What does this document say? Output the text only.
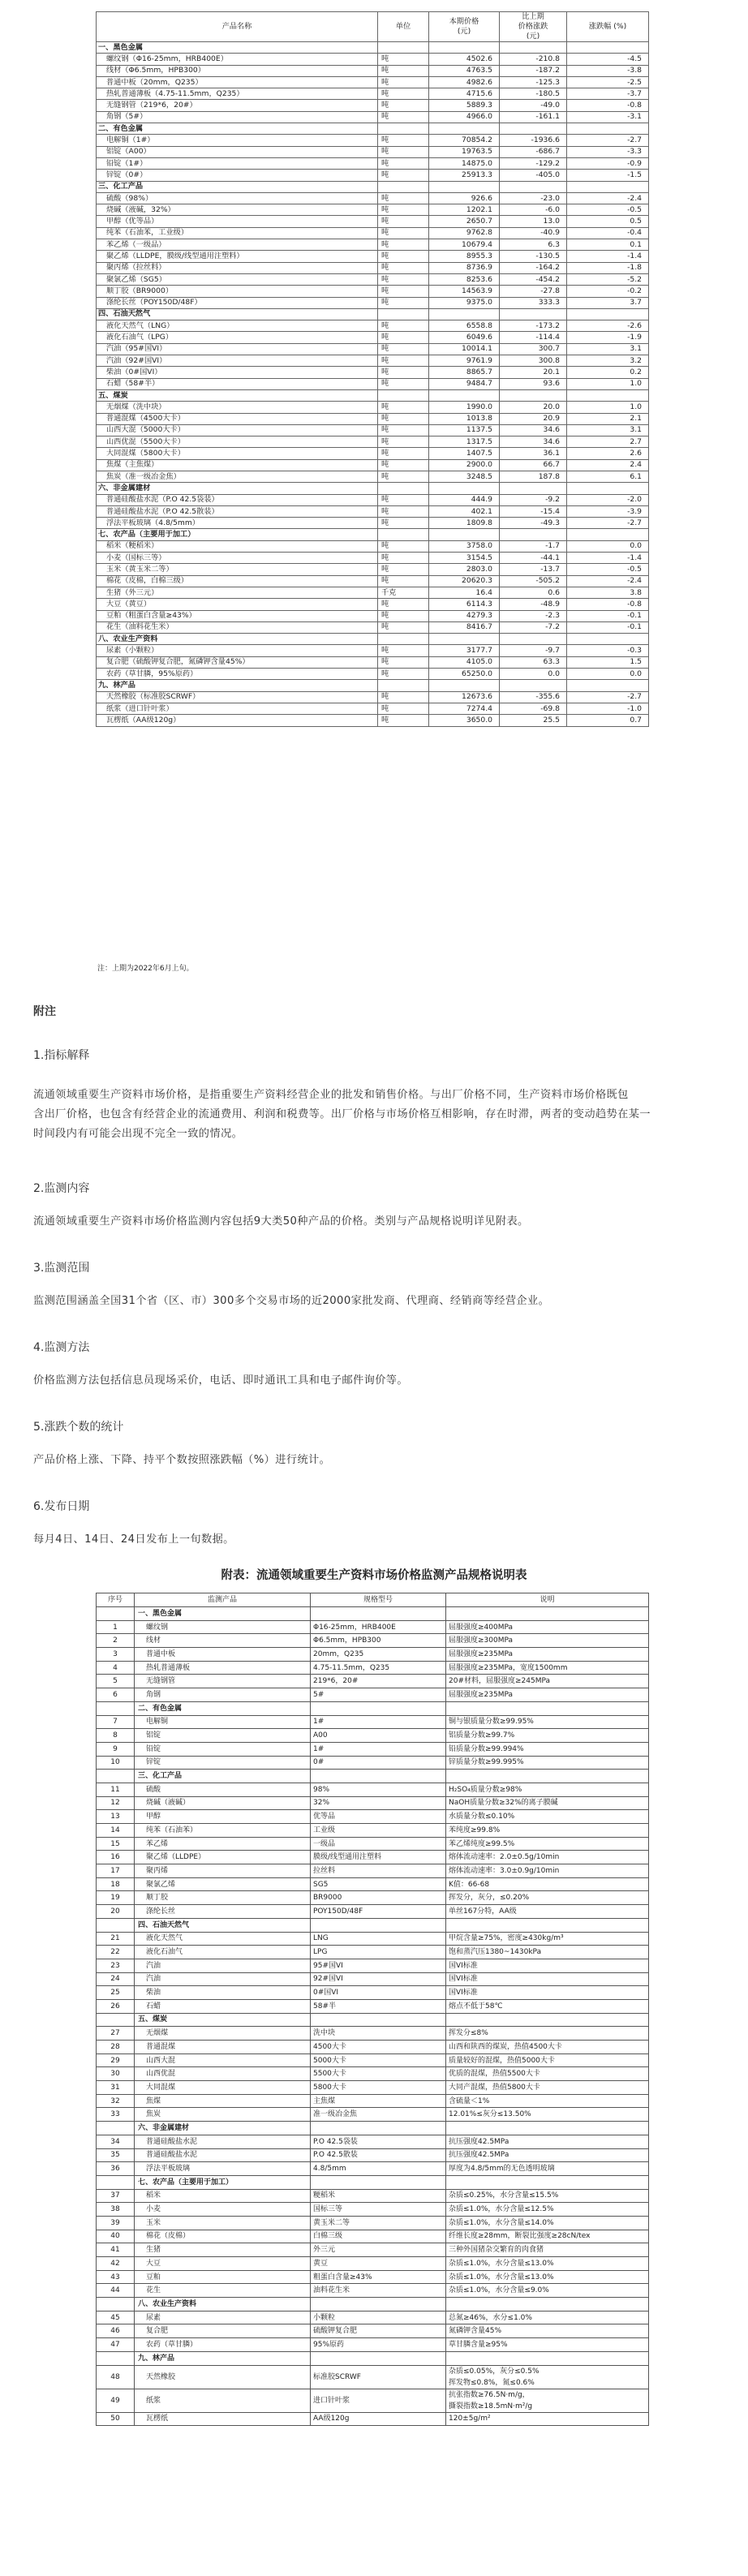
产品名称	单位	本期价格
(元)	比上期
价格涨跌
(元)	涨跌幅 (%)
一、黑色金属				
螺纹钢（Φ16-25mm，HRB400E）	吨	4502.6	-210.8	-4.5
线材（Φ6.5mm，HPB300）	吨	4763.5	-187.2	-3.8
普通中板（20mm，Q235）	吨	4982.6	-125.3	-2.5
热轧普通薄板（4.75-11.5mm，Q235）	吨	4715.6	-180.5	-3.7
无缝钢管（219*6，20#）	吨	5889.3	-49.0	-0.8
角钢（5#）	吨	4966.0	-161.1	-3.1
二、有色金属				
电解铜（1#）	吨	70854.2	-1936.6	-2.7
铝锭（A00）	吨	19763.5	-686.7	-3.3
铅锭（1#）	吨	14875.0	-129.2	-0.9
锌锭（0#）	吨	25913.3	-405.0	-1.5
三、化工产品				
硫酸（98%）	吨	926.6	-23.0	-2.4
烧碱（液碱，32%）	吨	1202.1	-6.0	-0.5
甲醇（优等品）	吨	2650.7	13.0	0.5
纯苯（石油苯，工业级）	吨	9762.8	-40.9	-0.4
苯乙烯（一级品）	吨	10679.4	6.3	0.1
聚乙烯（LLDPE，膜级/线型通用注塑料）	吨	8955.3	-130.5	-1.4
聚丙烯（拉丝料）	吨	8736.9	-164.2	-1.8
聚氯乙烯（SG5）	吨	8253.6	-454.2	-5.2
顺丁胶（BR9000）	吨	14563.9	-27.8	-0.2
涤纶长丝（POY150D/48F）	吨	9375.0	333.3	3.7
四、石油天然气				
液化天然气（LNG）	吨	6558.8	-173.2	-2.6
液化石油气（LPG）	吨	6049.6	-114.4	-1.9
汽油（95#国VI）	吨	10014.1	300.7	3.1
汽油（92#国VI）	吨	9761.9	300.8	3.2
柴油（0#国VI）	吨	8865.7	20.1	0.2
石蜡（58#半）	吨	9484.7	93.6	1.0
五、煤炭				
无烟煤（洗中块）	吨	1990.0	20.0	1.0
普通混煤（4500大卡）	吨	1013.8	20.9	2.1
山西大混（5000大卡）	吨	1137.5	34.6	3.1
山西优混（5500大卡）	吨	1317.5	34.6	2.7
大同混煤（5800大卡）	吨	1407.5	36.1	2.6
焦煤（主焦煤）	吨	2900.0	66.7	2.4
焦炭（准一级冶金焦）	吨	3248.5	187.8	6.1
六、非金属建材				
普通硅酸盐水泥（P.O 42.5袋装）	吨	444.9	-9.2	-2.0
普通硅酸盐水泥（P.O 42.5散装）	吨	402.1	-15.4	-3.9
浮法平板玻璃（4.8/5mm）	吨	1809.8	-49.3	-2.7
七、农产品（主要用于加工）				
稻米（粳稻米）	吨	3758.0	-1.7	0.0
小麦（国标三等）	吨	3154.5	-44.1	-1.4
玉米（黄玉米二等）	吨	2803.0	-13.7	-0.5
棉花（皮棉，白棉三级）	吨	20620.3	-505.2	-2.4
生猪（外三元）	千克	16.4	0.6	3.8
大豆（黄豆）	吨	6114.3	-48.9	-0.8
豆粕（粗蛋白含量≥43%）	吨	4279.3	-2.3	-0.1
花生（油料花生米）	吨	8416.7	-7.2	-0.1
八、农业生产资料				
尿素（小颗粒）	吨	3177.7	-9.7	-0.3
复合肥（硫酸钾复合肥，氮磷钾含量45%）	吨	4105.0	63.3	1.5
农药（草甘膦，95%原药）	吨	65250.0	0.0	0.0
九、林产品				
天然橡胶（标准胶SCRWF）	吨	12673.6	-355.6	-2.7
纸浆（进口针叶浆）	吨	7274.4	-69.8	-1.0
瓦楞纸（AA级120g）	吨	3650.0	25.5	0.7
注：上期为2022年6月上旬。
附注
1.指标解释
流通领域重要生产资料市场价格，是指重要生产资料经营企业的批发和销售价格。与出厂价格不同，生产资料市场价格既包
含出厂价格，也包含有经营企业的流通费用、利润和税费等。出厂价格与市场价格互相影响，存在时滞，两者的变动趋势在某一
时间段内有可能会出现不完全一致的情况。
2.监测内容
流通领域重要生产资料市场价格监测内容包括9大类50种产品的价格。类别与产品规格说明详见附表。
3.监测范围
监测范围涵盖全国31个省（区、市）300多个交易市场的近2000家批发商、代理商、经销商等经营企业。
4.监测方法
价格监测方法包括信息员现场采价，电话、即时通讯工具和电子邮件询价等。
5.涨跌个数的统计
产品价格上涨、下降、持平个数按照涨跌幅（%）进行统计。
6.发布日期
每月4日、14日、24日发布上一旬数据。
附表：流通领域重要生产资料市场价格监测产品规格说明表
序号	监测产品	规格型号	说明

	一、黑色金属		

1	螺纹钢	Φ16-25mm，HRB400E	屈服强度≥400MPa

2	线材	Φ6.5mm，HPB300	屈服强度≥300MPa

3	普通中板	20mm，Q235	屈服强度≥235MPa

4	热轧普通薄板	4.75-11.5mm，Q235	屈服强度≥235MPa，宽度1500mm

5	无缝钢管	219*6，20#	20#材料，屈服强度≥245MPa

6	角钢	5#	屈服强度≥235MPa

	二、有色金属		

7	电解铜	1#	铜与银质量分数≥99.95%

8	铝锭	A00	铝质量分数≥99.7%

9	铅锭	1#	铅质量分数≥99.994%

10	锌锭	0#	锌质量分数≥99.995%

	三、化工产品		

11	硫酸	98%	H₂SO₄质量分数≥98%

12	烧碱（液碱）	32%	NaOH质量分数≥32%的离子膜碱

13	甲醇	优等品	水质量分数≤0.10%

14	纯苯（石油苯）	工业级	苯纯度≥99.8%

15	苯乙烯	一级品	苯乙烯纯度≥99.5%

16	聚乙烯（LLDPE）	膜级/线型通用注塑料	熔体流动速率：2.0±0.5g/10min

17	聚丙烯	拉丝料	熔体流动速率：3.0±0.9g/10min

18	聚氯乙烯	SG5	K值：66-68

19	顺丁胶	BR9000	挥发分，灰分，≤0.20%

20	涤纶长丝	POY150D/48F	单丝167分特，AA级

	四、石油天然气		

21	液化天然气	LNG	甲烷含量≥75%，密度≥430kg/m³

22	液化石油气	LPG	饱和蒸汽压1380~1430kPa

23	汽油	95#国VI	国VI标准

24	汽油	92#国VI	国VI标准

25	柴油	0#国VI	国VI标准

26	石蜡	58#半	熔点不低于58℃

	五、煤炭		

27	无烟煤	洗中块	挥发分≤8%

28	普通混煤	4500大卡	山西和陕西的煤炭，热值4500大卡

29	山西大混	5000大卡	质量较好的混煤，热值5000大卡

30	山西优混	5500大卡	优质的混煤，热值5500大卡

31	大同混煤	5800大卡	大同产混煤，热值5800大卡

32	焦煤	主焦煤	含硫量＜1%

33	焦炭	准一级冶金焦	12.01%≤灰分≤13.50%

	六、非金属建材		

34	普通硅酸盐水泥	P.O 42.5袋装	抗压强度42.5MPa

35	普通硅酸盐水泥	P.O 42.5散装	抗压强度42.5MPa

36	浮法平板玻璃	4.8/5mm	厚度为4.8/5mm的无色透明玻璃

	七、农产品（主要用于加工）		

37	稻米	粳稻米	杂质≤0.25%，水分含量≤15.5%

38	小麦	国标三等	杂质≤1.0%，水分含量≤12.5%

39	玉米	黄玉米二等	杂质≤1.0%，水分含量≤14.0%

40	棉花（皮棉）	白棉三级	纤维长度≥28mm，断裂比强度≥28cN/tex

41	生猪	外三元	三种外国猪杂交繁育的肉食猪

42	大豆	黄豆	杂质≤1.0%，水分含量≤13.0%

43	豆粕	粗蛋白含量≥43%	杂质≤1.0%，水分含量≤13.0%

44	花生	油料花生米	杂质≤1.0%，水分含量≤9.0%

	八、农业生产资料		

45	尿素	小颗粒	总氮≥46%，水分≤1.0%

46	复合肥	硫酸钾复合肥	氮磷钾含量45%

47	农药（草甘膦）	95%原药	草甘膦含量≥95%

	九、林产品		

48	天然橡胶	标准胶SCRWF	杂质≤0.05%，灰分≤0.5%
挥发物≤0.8%，氮≤0.6%

49	纸浆	进口针叶浆	抗张指数≥76.5N·m/g，
撕裂指数≥18.5mN·m²/g

50	瓦楞纸	AA级120g	120±5g/m²
